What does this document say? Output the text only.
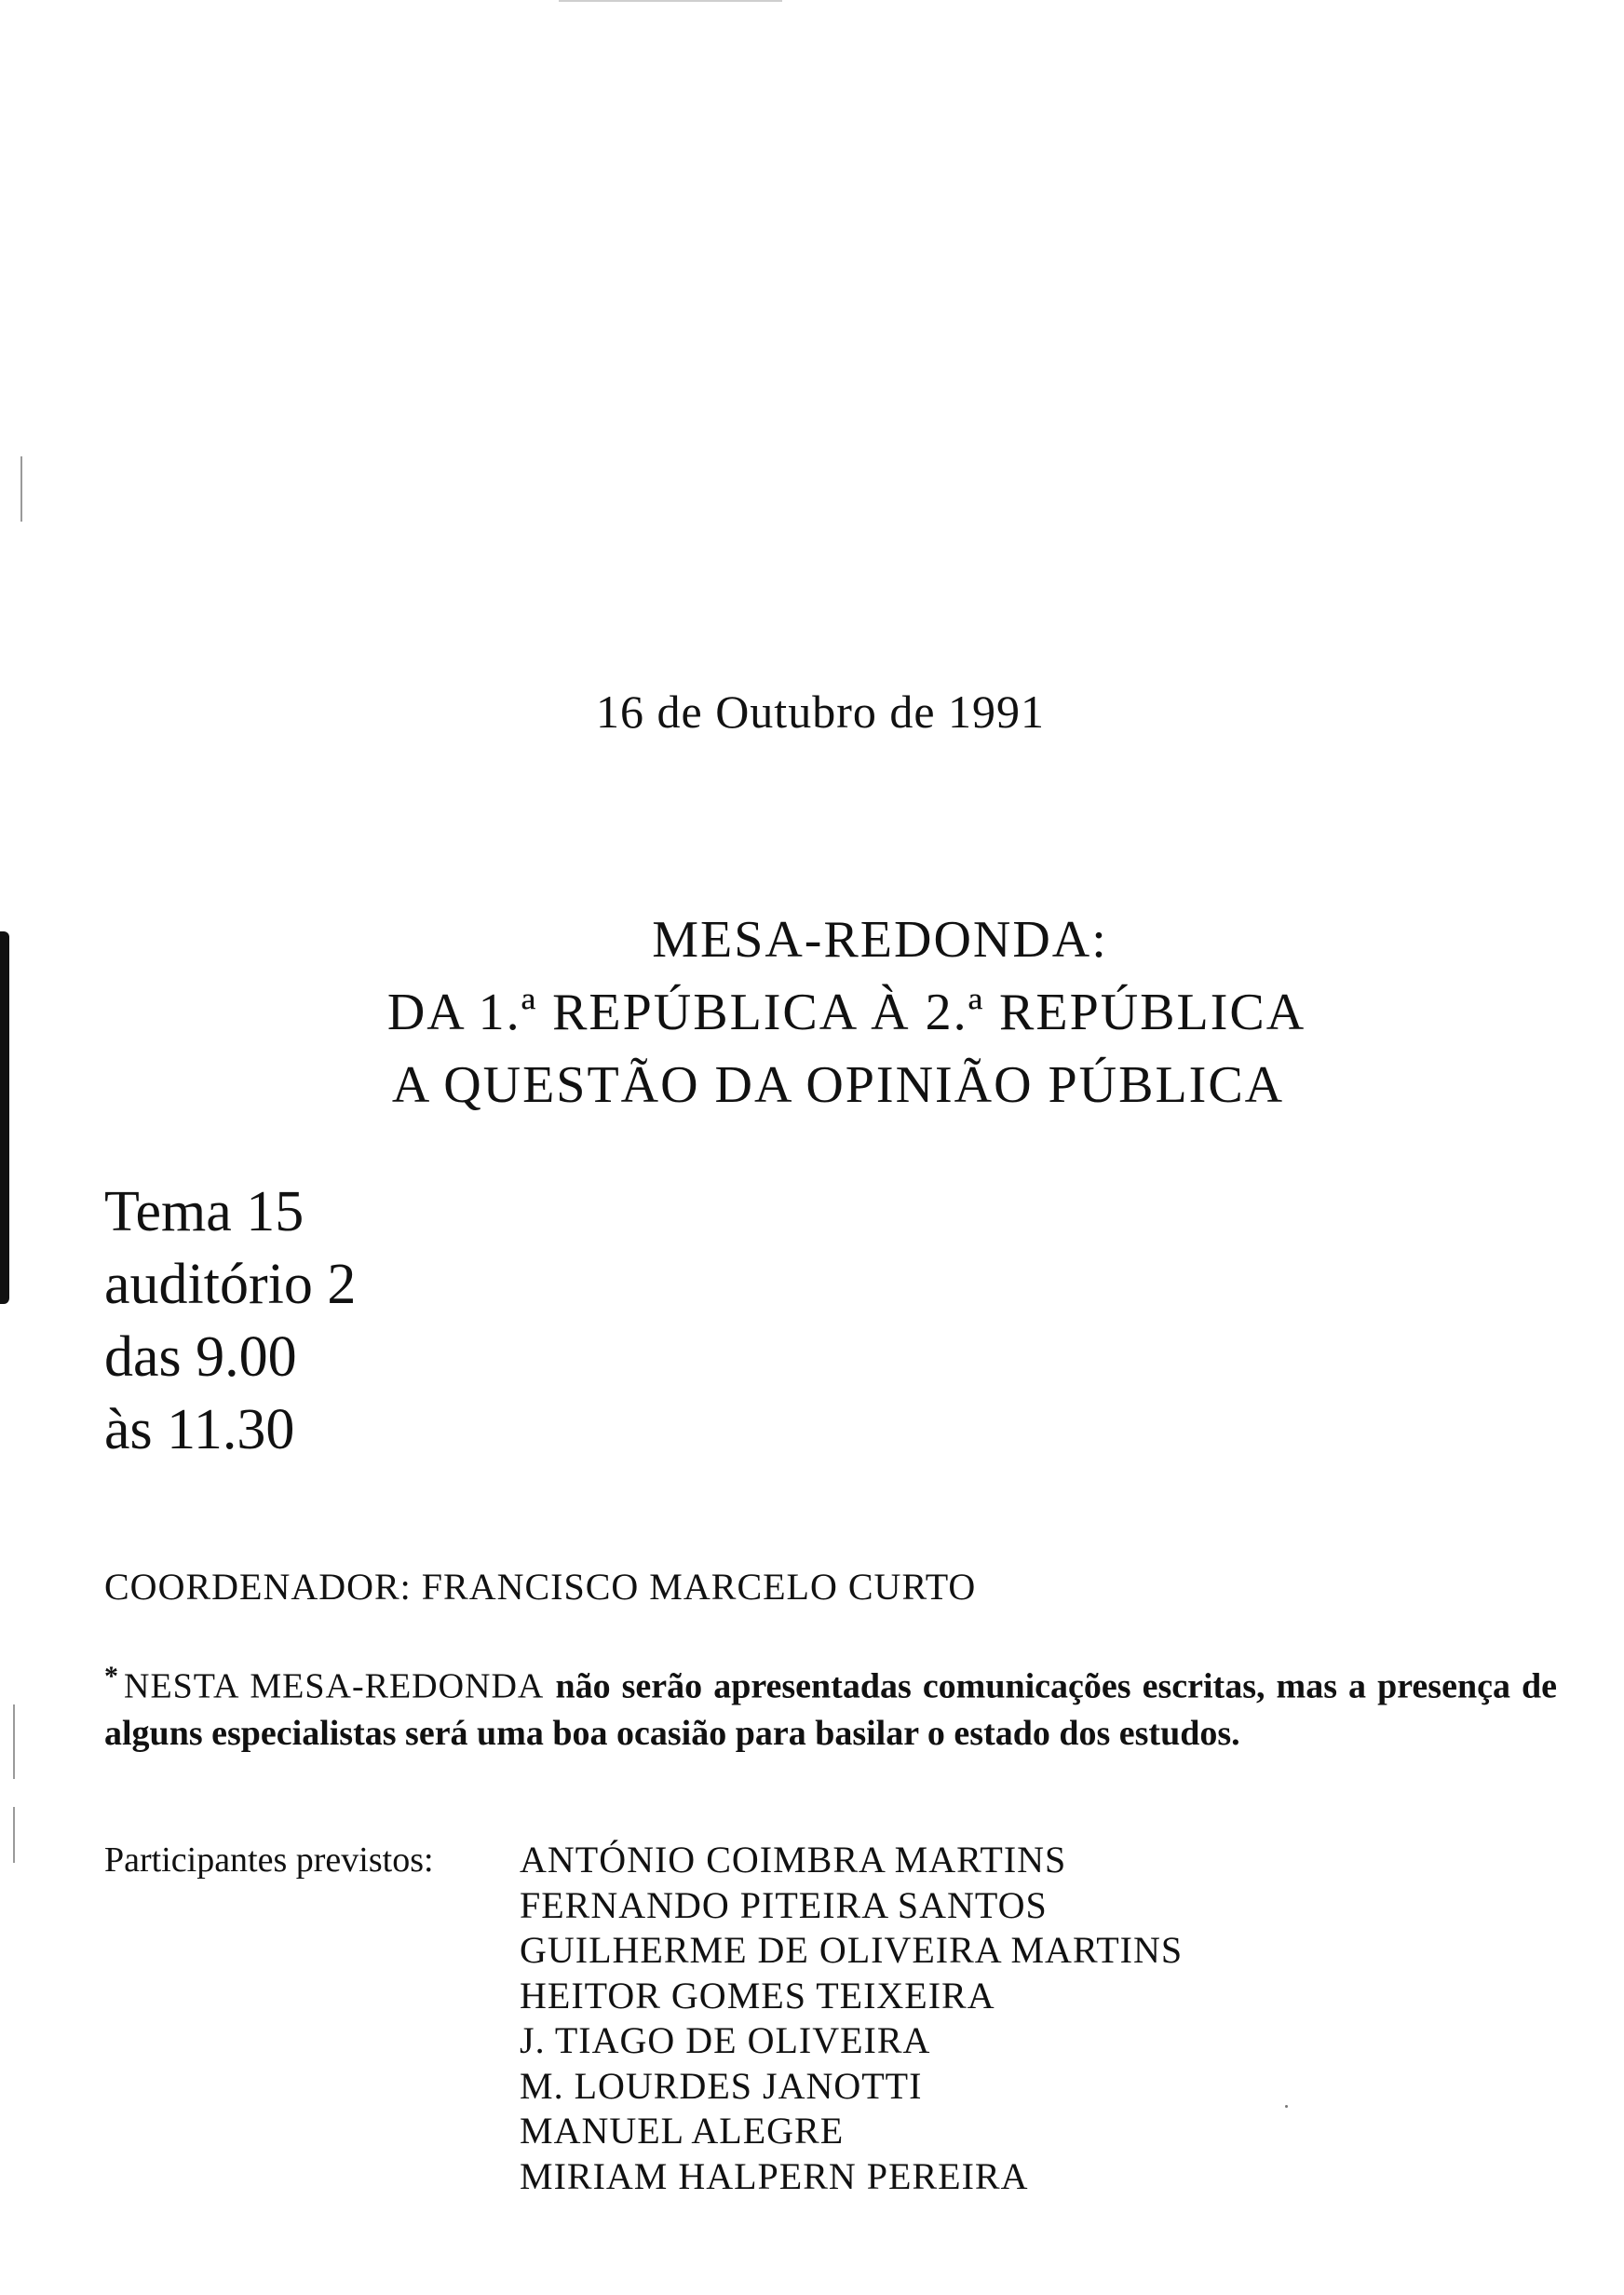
16 de Outubro de 1991
MESA-REDONDA:
DA 1.ª REPÚBLICA À 2.ª REPÚBLICA
A QUESTÃO DA OPINIÃO PÚBLICA
Tema 15
auditório 2
das 9.00
às 11.30
COORDENADOR: FRANCISCO MARCELO CURTO
* NESTA MESA-REDONDA não serão apresentadas comunicações escritas, mas a presença de alguns especialistas será uma boa ocasião para basilar o estado dos estudos.
Participantes previstos: ANTÓNIO COIMBRA MARTINS
FERNANDO PITEIRA SANTOS
GUILHERME DE OLIVEIRA MARTINS
HEITOR GOMES TEIXEIRA
J. TIAGO DE OLIVEIRA
M. LOURDES JANOTTI
MANUEL ALEGRE
MIRIAM HALPERN PEREIRA
